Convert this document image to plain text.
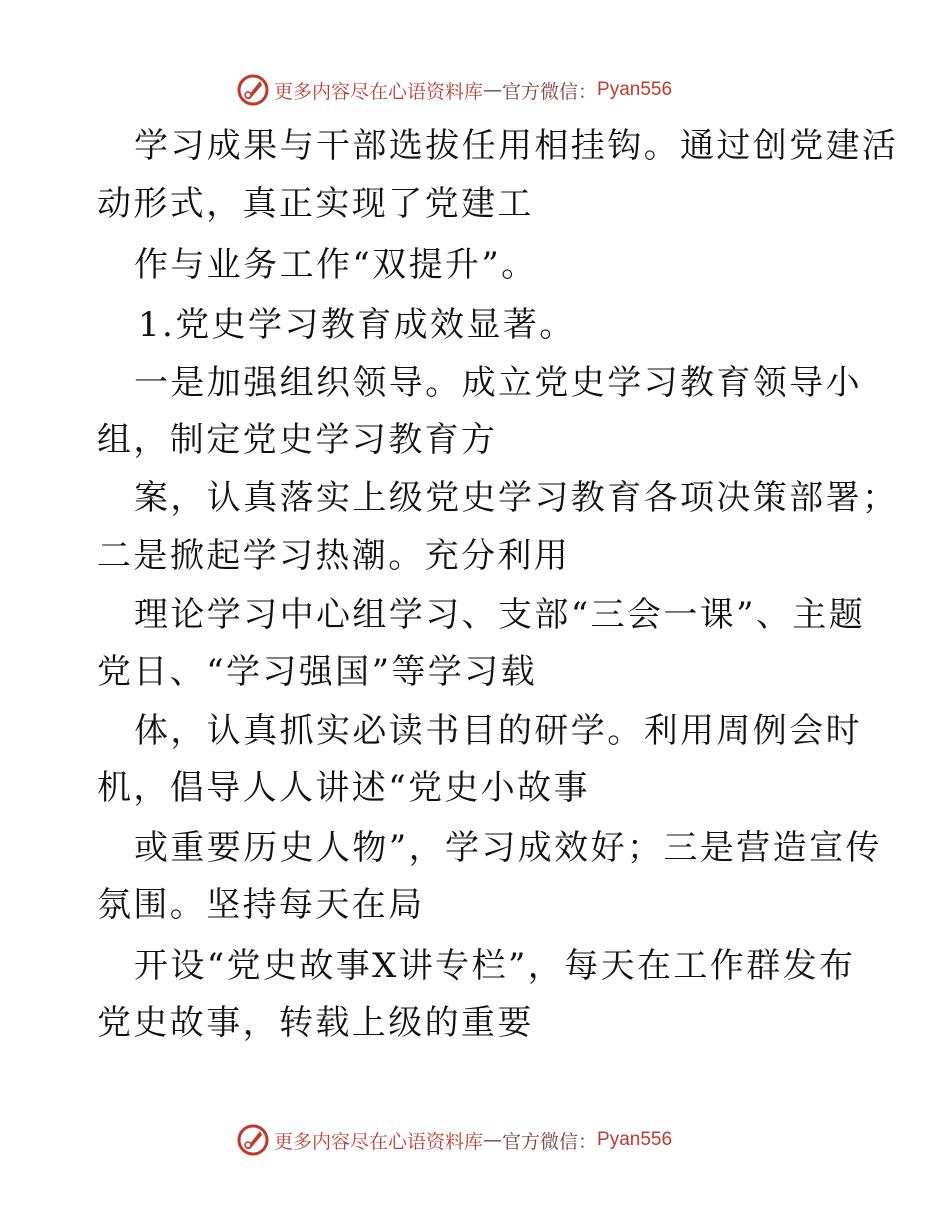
更多内容尽在心语资料库 — 官方微信： Pyan556
学习成果与干部选拔任用相挂钩。通过创党建活
动形式，真正实现了党建工
作与业务工作“双提升”。
1.党史学习教育成效显著。
一是加强组织领导。成立党史学习教育领导小
组，制定党史学习教育方
案，认真落实上级党史学习教育各项决策部署；
二是掀起学习热潮。充分利用
理论学习中心组学习、支部“三会一课”、主题
党日、“学习强国”等学习载
体，认真抓实必读书目的研学。利用周例会时
机，倡导人人讲述“党史小故事
或重要历史人物”，学习成效好；三是营造宣传
氛围。坚持每天在局
开设“党史故事X讲专栏”，每天在工作群发布
党史故事，转载上级的重要
更多内容尽在心语资料库 — 官方微信： Pyan556
